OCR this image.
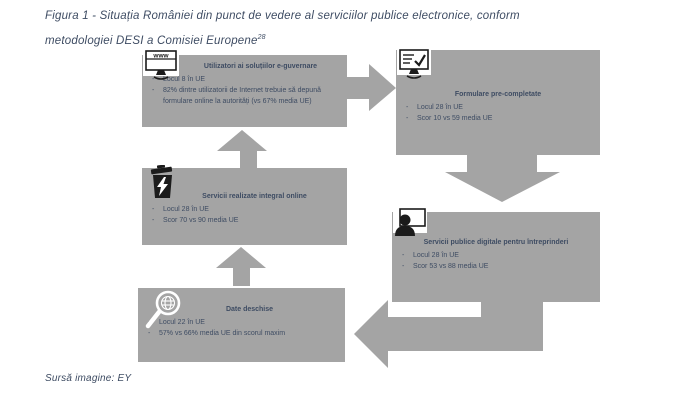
Figura 1 - Situația României din punct de vedere al serviciilor publice electronice, conform
metodologiei DESI a Comisiei Europene$^{28}$
Utilizatori ai soluțiilor e-guvernare
- Locul 8 în UE
- 82% dintre utilizatorii de Internet trebuie să depună formulare online la autorități (vs 67% media UE)
Formulare pre-completate
- Locul 28 în UE
- Scor 10 vs 59 media UE
Servicii realizate integral online
- Locul 28 în UE
- Scor 70 vs 90 media UE
Servicii publice digitale pentru întreprinderi
- Locul 28 în UE
- Scor 53 vs 88 media UE
Date deschise
- Locul 22 în UE
- 57% vs 66% media UE din scorul maxim
www
Sursă imagine: EY
